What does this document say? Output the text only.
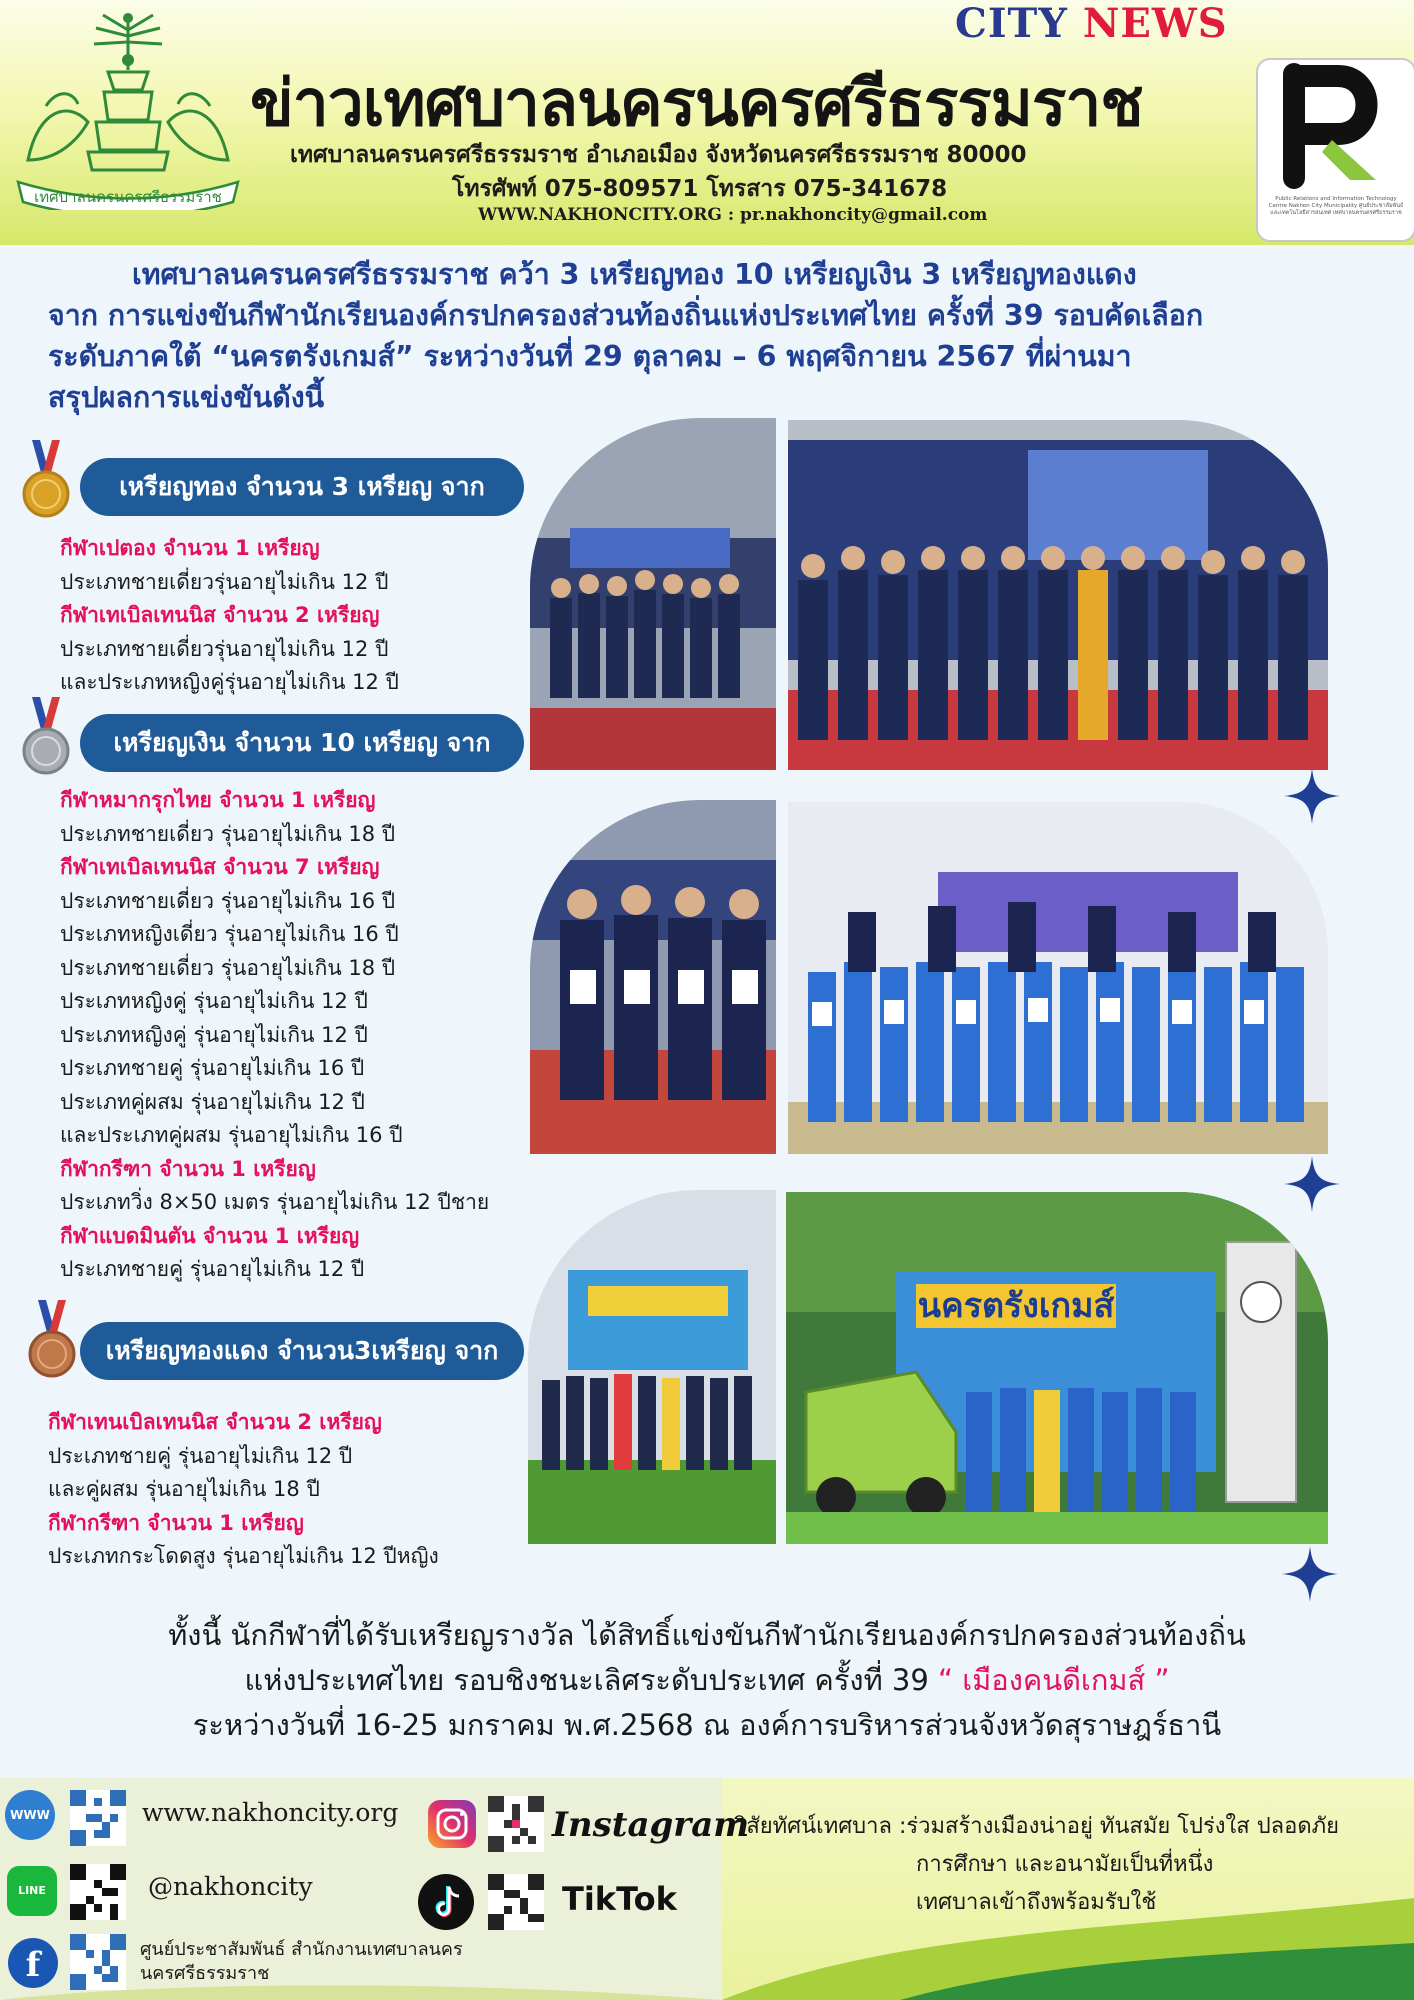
เทศบาลนครนครศรีธรรมราช
CITY NEWS
ข่าวเทศบาลนครนครศรีธรรมราช
เทศบาลนครนครศรีธรรมราช อำเภอเมือง จังหวัดนครศรีธรรมราช 80000
โทรศัพท์ 075-809571 โทรสาร 075-341678
WWW.NAKHONCITY.ORG : pr.nakhoncity@gmail.com
P
Public Relations and Information Technology Centre Nakhon City Municipality ศูนย์ประชาสัมพันธ์และเทคโนโลยีสารสนเทศ เทศบาลนครนครศรีธรรมราช
เทศบาลนครนครศรีธรรมราช คว้า 3 เหรียญทอง 10 เหรียญเงิน 3 เหรียญทองแดง
จาก การแข่งขันกีฬานักเรียนองค์กรปกครองส่วนท้องถิ่นแห่งประเทศไทย ครั้งที่ 39 รอบคัดเลือก
ระดับภาคใต้ “นครตรังเกมส์” ระหว่างวันที่ 29 ตุลาคม – 6 พฤศจิกายน 2567 ที่ผ่านมา
สรุปผลการแข่งขันดังนี้
เหรียญทอง จำนวน 3 เหรียญ จาก
กีฬาเปตอง จำนวน 1 เหรียญ
ประเภทชายเดี่ยวรุ่นอายุไม่เกิน 12 ปี
กีฬาเทเบิลเทนนิส จำนวน 2 เหรียญ
ประเภทชายเดี่ยวรุ่นอายุไม่เกิน 12 ปี
และประเภทหญิงคู่รุ่นอายุไม่เกิน 12 ปี
เหรียญเงิน จำนวน 10 เหรียญ จาก
กีฬาหมากรุกไทย จำนวน 1 เหรียญ
ประเภทชายเดี่ยว รุ่นอายุไม่เกิน 18 ปี
กีฬาเทเบิลเทนนิส จำนวน 7 เหรียญ
ประเภทชายเดี่ยว รุ่นอายุไม่เกิน 16 ปี
ประเภทหญิงเดี่ยว รุ่นอายุไม่เกิน 16 ปี
ประเภทชายเดี่ยว รุ่นอายุไม่เกิน 18 ปี
ประเภทหญิงคู่ รุ่นอายุไม่เกิน 12 ปี
ประเภทหญิงคู่ รุ่นอายุไม่เกิน 12 ปี
ประเภทชายคู่ รุ่นอายุไม่เกิน 16 ปี
ประเภทคู่ผสม รุ่นอายุไม่เกิน 12 ปี
และประเภทคู่ผสม รุ่นอายุไม่เกิน 16 ปี
กีฬากรีฑา จำนวน 1 เหรียญ
ประเภทวิ่ง 8×50 เมตร รุ่นอายุไม่เกิน 12 ปีชาย
กีฬาแบดมินตัน จำนวน 1 เหรียญ
ประเภทชายคู่ รุ่นอายุไม่เกิน 12 ปี
เหรียญทองแดง จำนวน3เหรียญ จาก
กีฬาเทนเบิลเทนนิส จำนวน 2 เหรียญ
ประเภทชายคู่ รุ่นอายุไม่เกิน 12 ปี
และคู่ผสม รุ่นอายุไม่เกิน 18 ปี
กีฬากรีฑา จำนวน 1 เหรียญ
ประเภทกระโดดสูง รุ่นอายุไม่เกิน 12 ปีหญิง
นครตรังเกมส์
ทั้งนี้ นักกีฬาที่ได้รับเหรียญรางวัล ได้สิทธิ์แข่งขันกีฬานักเรียนองค์กรปกครองส่วนท้องถิ่น
แห่งประเทศไทย รอบชิงชนะเลิศระดับประเทศ ครั้งที่ 39 “ เมืองคนดีเกมส์ ”
ระหว่างวันที่ 16-25 มกราคม พ.ศ.2568 ณ องค์การบริหารส่วนจังหวัดสุราษฎร์ธานี
WWW	www.nakhoncity.org
LINE	@nakhoncity
f	ศูนย์ประชาสัมพันธ์ สำนักงานเทศบาลนคร
นครศรีธรรมราช
Instagram
TikTok
วิสัยทัศน์เทศบาล :ร่วมสร้างเมืองน่าอยู่ ทันสมัย โปร่งใส ปลอดภัย
การศึกษา และอนามัยเป็นที่หนึ่ง
เทศบาลเข้าถึงพร้อมรับใช้
